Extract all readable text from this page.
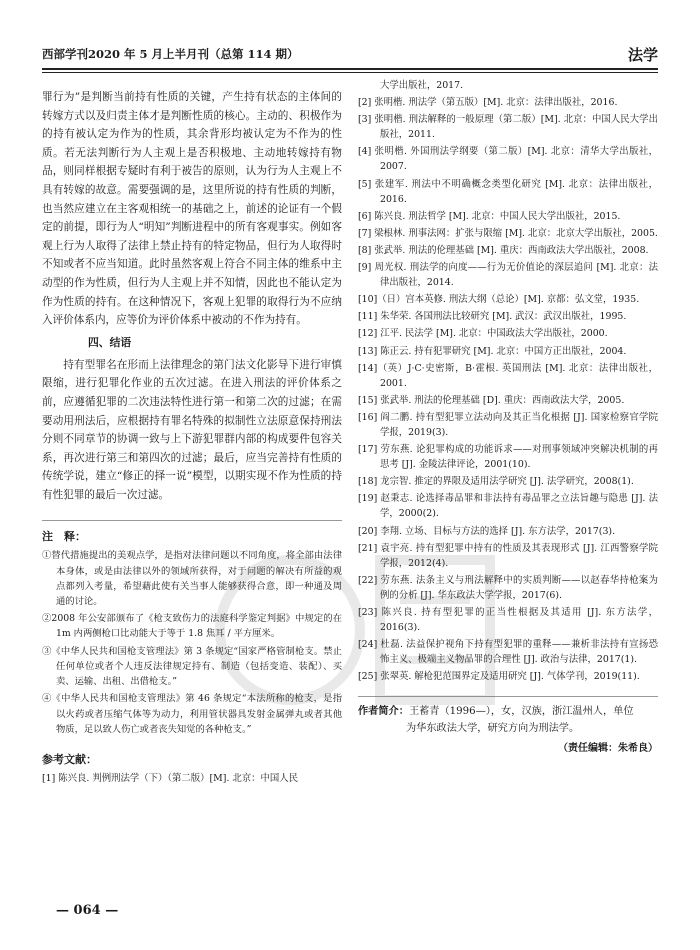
西部学刊2020 年 5 月上半月刊（总第 114 期）	法学

罪行为”是判断当前持有性质的关键，产生持有状态的主体间的转嫁方式以及归责主体才是判断性质的核心。主动的、积极作为的持有被认定为作为的性质，其余背形均被认定为不作为的性质。若无法判断行为人主观上是否积极地、主动地转嫁持有物品，则同样根据专疑时有利于被告的原则，认为行为人主观上不具有转嫁的故意。需要强调的是，这里所说的持有性质的判断，也当然应建立在主客观相统一的基础之上，前述的论证有一个假定的前提，即行为人“明知”判断进程中的所有客观事实。例如客观上行为人取得了法律上禁止持有的特定物品，但行为人取得时不知或者不应当知道。此时虽然客观上符合不同主体的维系中主动型的作为性质，但行为人主观上并不知情，因此也不能认定为作为性质的持有。在这种情况下，客观上犯罪的取得行为不应纳入评价体系内，应等价为评价体系中被动的不作为持有。

四、结语

持有型罪名在形而上法律理念的第门法文化影导下进行审慎限缩，进行犯罪化作业的五次过滤。在进入刑法的评价体系之前，应遵循犯罪的二次违法特性进行第一和第二次的过滤；在需要动用刑法后，应根据持有罪名特殊的拟制性立法原意保持刑法分则不同章节的协调一致与上下游犯罪群内部的构成要件包容关系，再次进行第三和第四次的过滤；最后，应当完善持有性质的传统学说，建立“修正的择一说”模型，以期实现不作为性质的持有性犯罪的最后一次过滤。

注　释：

①替代措施提出的美观点学，是指对法律问题以不同角度，将全部由法律本身体，或是由法律以外的领域所获得，对于问题的解决有所益的观点都列入考量，希望藉此使有关当事人能够获得合意，即一种通及周通的讨论。

②2008 年公安部颁布了《枪支致伤力的法庭科学鉴定判据》中规定的在 1m 内两侧枪口比动能大于等于 1.8 焦耳 / 平方厘米。

③《中华人民共和国枪支管理法》第 3 条规定“国家严格管制枪支。禁止任何单位或者个人违反法律规定持有、制造（包括变造、装配）、买卖、运输、出租、出借枪支。”

④《中华人民共和国枪支管理法》第 46 条规定“本法所称的枪支，是指以火药或者压缩气体等为动力，利用管状器具发射金属弹丸或者其他物质，足以致人伤亡或者丧失知觉的各种枪支。”

参考文献：

[1] 陈兴良. 判例刑法学（下）（第二版）[M]. 北京：中国人民

大学出版社，2017.

[2] 张明楷. 刑法学（第五版）[M]. 北京：法律出版社，2016.

[3] 张明楷. 刑法解释的一般原理（第二版）[M]. 北京：中国人民大学出版社，2011.

[4] 张明楷. 外国刑法学纲要（第二版）[M]. 北京：清华大学出版社，2007.

[5] 张建军. 刑法中不明确概念类型化研究 [M]. 北京：法律出版社，2016.

[6] 陈兴良. 刑法哲学 [M]. 北京：中国人民大学出版社，2015.

[7] 梁根林. 刑事法网：扩张与限缩 [M]. 北京：北京大学出版社，2005.

[8] 张武举. 刑法的伦理基础 [M]. 重庆：西南政法大学出版社，2008.

[9] 周光权. 刑法学的向度——行为无价值论的深层追问 [M]. 北京：法律出版社，2014.

[10]（日）宫本英修. 刑法大纲（总论）[M]. 京都：弘文堂，1935.

[11] 朱华荣. 各国刑法比较研究 [M]. 武汉：武汉出版社，1995.

[12] 江平. 民法学 [M]. 北京：中国政法大学出版社，2000.

[13] 陈正云. 持有犯罪研究 [M]. 北京：中国方正出版社，2004.

[14]（英）J·C·史密斯，B·霍根. 英国刑法 [M]. 北京：法律出版社，2001.

[15] 张武举. 刑法的伦理基础 [D]. 重庆：西南政法大学，2005.

[16] 阎二鹏. 持有型犯罪立法动向及其正当化根据 [J]. 国家检察官学院学报，2019(3).

[17] 劳东燕. 论犯罪构成的功能诉求——对刑事领域冲突解决机制的再思考 [J]. 金陵法律评论，2001(10).

[18] 龙宗智. 推定的界限及适用法学研究 [J]. 法学研究，2008(1).

[19] 赵秉志. 论选择毒品罪和非法持有毒品罪之立法旨趣与隐患 [J]. 法学，2000(2).

[20] 李翔. 立场、目标与方法的选择 [J]. 东方法学，2017(3).

[21] 袁宇亮. 持有型犯罪中持有的性质及其表现形式 [J]. 江西警察学院学报，2012(4).

[22] 劳东燕. 法条主义与刑法解释中的实质判断——以赵春华持枪案为例的分析 [J]. 华东政法大学学报，2017(6).

[23] 陈兴良. 持有型犯罪的正当性根据及其适用 [J]. 东方法学，2016(3).

[24] 杜磊. 法益保护视角下持有型犯罪的重释——兼析非法持有宣扬恐怖主义、极端主义物品罪的合理性 [J]. 政治与法律，2017(1).

[25] 张翠英. 解枪犯范围界定及适用研究 [J]. 气体学刊，2019(11).

作者简介：王蓄青（1996—），女，汉族，浙江温州人，单位
为华东政法大学，研究方向为刑法学。
（责任编辑：朱希良）
— 064 —
